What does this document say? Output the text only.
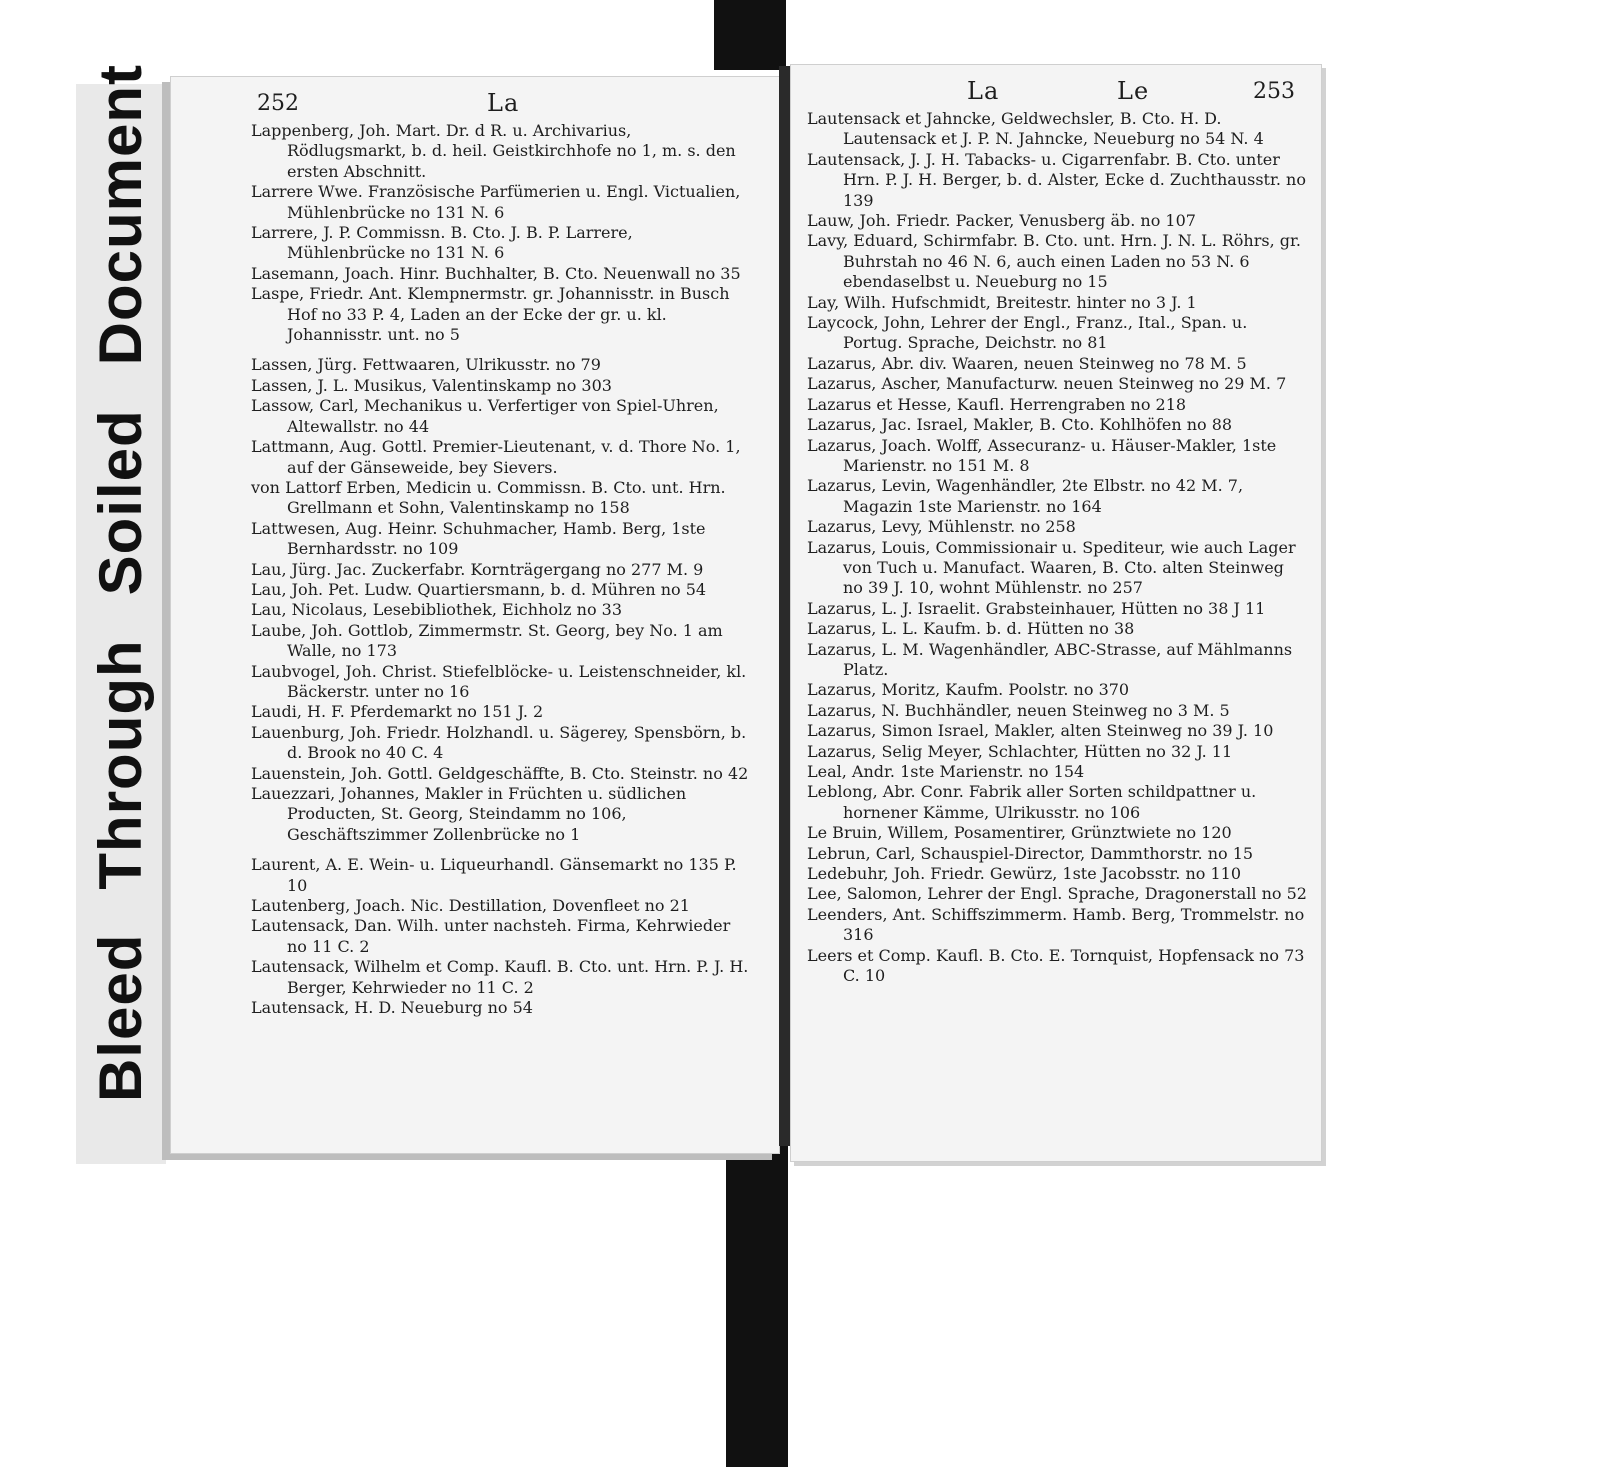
BleedThroughSoiledDocument	252	La

Lappenberg, Joh. Mart. Dr. d R. u. Archivarius, Rödlugsmarkt, b. d. heil. Geistkirchhofe no 1, m. s. den ersten Abschnitt.

Larrere Wwe. Französische Parfümerien u. Engl. Victualien, Mühlenbrücke no 131 N. 6

Larrere, J. P. Commissn. B. Cto. J. B. P. Larrere, Mühlenbrücke no 131 N. 6

Lasemann, Joach. Hinr. Buchhalter, B. Cto. Neuenwall no 35

Laspe, Friedr. Ant. Klempnermstr. gr. Johannisstr. in Busch Hof no 33 P. 4, Laden an der Ecke der gr. u. kl. Johannisstr. unt. no 5

Lassen, Jürg. Fettwaaren, Ulrikusstr. no 79

Lassen, J. L. Musikus, Valentinskamp no 303

Lassow, Carl, Mechanikus u. Verfertiger von Spiel-Uhren, Altewallstr. no 44

Lattmann, Aug. Gottl. Premier-Lieutenant, v. d. Thore No. 1, auf der Gänseweide, bey Sievers.

von Lattorf Erben, Medicin u. Commissn. B. Cto. unt. Hrn. Grellmann et Sohn, Valentinskamp no 158

Lattwesen, Aug. Heinr. Schuhmacher, Hamb. Berg, 1ste Bernhardsstr. no 109

Lau, Jürg. Jac. Zuckerfabr. Kornträgergang no 277 M. 9

Lau, Joh. Pet. Ludw. Quartiersmann, b. d. Mühren no 54

Lau, Nicolaus, Lesebibliothek, Eichholz no 33

Laube, Joh. Gottlob, Zimmermstr. St. Georg, bey No. 1 am Walle, no 173

Laubvogel, Joh. Christ. Stiefelblöcke- u. Leistenschneider, kl. Bäckerstr. unter no 16

Laudi, H. F. Pferdemarkt no 151 J. 2

Lauenburg, Joh. Friedr. Holzhandl. u. Sägerey, Spensbörn, b. d. Brook no 40 C. 4

Lauenstein, Joh. Gottl. Geldgeschäffte, B. Cto. Steinstr. no 42

Lauezzari, Johannes, Makler in Früchten u. südlichen Producten, St. Georg, Steindamm no 106, Geschäftszimmer Zollenbrücke no 1

Laurent, A. E. Wein- u. Liqueurhandl. Gänsemarkt no 135 P. 10

Lautenberg, Joach. Nic. Destillation, Dovenfleet no 21

Lautensack, Dan. Wilh. unter nachsteh. Firma, Kehrwieder no 11 C. 2

Lautensack, Wilhelm et Comp. Kaufl. B. Cto. unt. Hrn. P. J. H. Berger, Kehrwieder no 11 C. 2

Lautensack, H. D. Neueburg no 54

La	Le	253

Lautensack et Jahncke, Geldwechsler, B. Cto. H. D. Lautensack et J. P. N. Jahncke, Neueburg no 54 N. 4

Lautensack, J. J. H. Tabacks- u. Cigarrenfabr. B. Cto. unter Hrn. P. J. H. Berger, b. d. Alster, Ecke d. Zuchthausstr. no 139

Lauw, Joh. Friedr. Packer, Venusberg äb. no 107

Lavy, Eduard, Schirmfabr. B. Cto. unt. Hrn. J. N. L. Röhrs, gr. Buhrstah no 46 N. 6, auch einen Laden no 53 N. 6 ebendaselbst u. Neueburg no 15

Lay, Wilh. Hufschmidt, Breitestr. hinter no 3 J. 1

Laycock, John, Lehrer der Engl., Franz., Ital., Span. u. Portug. Sprache, Deichstr. no 81

Lazarus, Abr. div. Waaren, neuen Steinweg no 78 M. 5

Lazarus, Ascher, Manufacturw. neuen Steinweg no 29 M. 7

Lazarus et Hesse, Kaufl. Herrengraben no 218

Lazarus, Jac. Israel, Makler, B. Cto. Kohlhöfen no 88

Lazarus, Joach. Wolff, Assecuranz- u. Häuser-Makler, 1ste Marienstr. no 151 M. 8

Lazarus, Levin, Wagenhändler, 2te Elbstr. no 42 M. 7, Magazin 1ste Marienstr. no 164

Lazarus, Levy, Mühlenstr. no 258

Lazarus, Louis, Commissionair u. Spediteur, wie auch Lager von Tuch u. Manufact. Waaren, B. Cto. alten Steinweg no 39 J. 10, wohnt Mühlenstr. no 257

Lazarus, L. J. Israelit. Grabsteinhauer, Hütten no 38 J 11

Lazarus, L. L. Kaufm. b. d. Hütten no 38

Lazarus, L. M. Wagenhändler, ABC-Strasse, auf Mählmanns Platz.

Lazarus, Moritz, Kaufm. Poolstr. no 370

Lazarus, N. Buchhändler, neuen Steinweg no 3 M. 5

Lazarus, Simon Israel, Makler, alten Steinweg no 39 J. 10

Lazarus, Selig Meyer, Schlachter, Hütten no 32 J. 11

Leal, Andr. 1ste Marienstr. no 154

Leblong, Abr. Conr. Fabrik aller Sorten schildpattner u. hornener Kämme, Ulrikusstr. no 106

Le Bruin, Willem, Posamentirer, Grünztwiete no 120

Lebrun, Carl, Schauspiel-Director, Dammthorstr. no 15

Ledebuhr, Joh. Friedr. Gewürz, 1ste Jacobsstr. no 110

Lee, Salomon, Lehrer der Engl. Sprache, Dragonerstall no 52

Leenders, Ant. Schiffszimmerm. Hamb. Berg, Trommelstr. no 316

Leers et Comp. Kaufl. B. Cto. E. Tornquist, Hopfensack no 73 C. 10
